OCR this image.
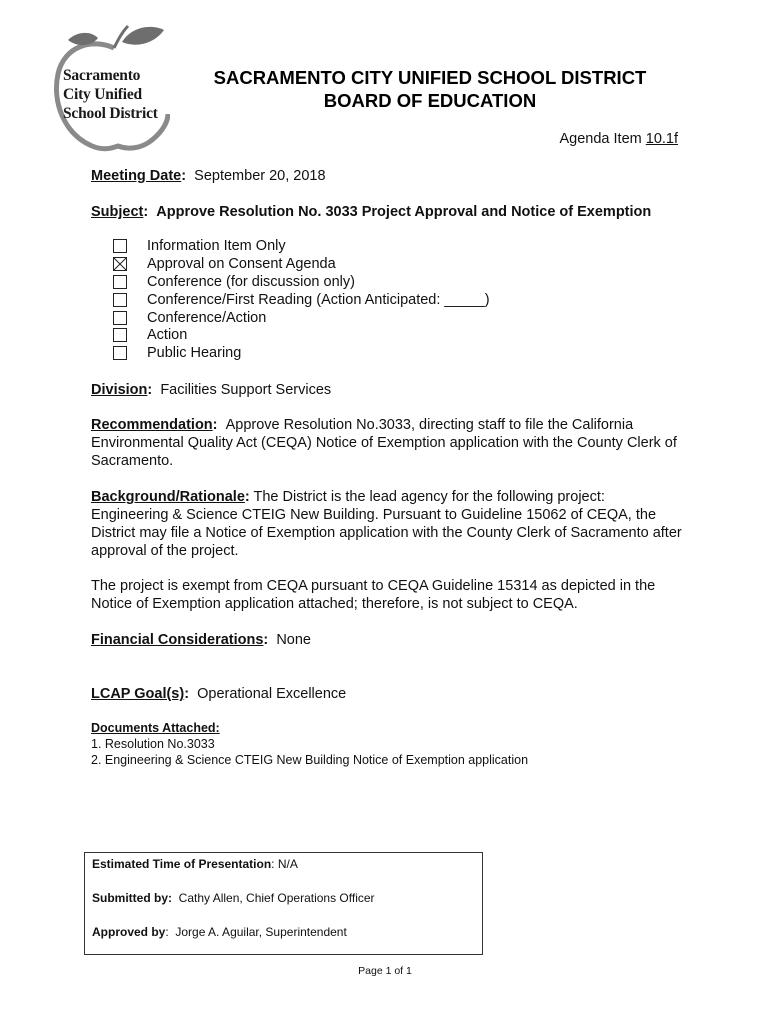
Sacramento
City Unified
School District
SACRAMENTO CITY UNIFIED SCHOOL DISTRICT
BOARD OF EDUCATION
Agenda Item 10.1f
Meeting Date: September 20, 2018
Subject: Approve Resolution No. 3033 Project Approval and Notice of Exemption
Information Item Only
Approval on Consent Agenda
Conference (for discussion only)
Conference/First Reading (Action Anticipated: _____)
Conference/Action
Action
Public Hearing
Division: Facilities Support Services
Recommendation: Approve Resolution No.3033, directing staff to file the California Environmental Quality Act (CEQA) Notice of Exemption application with the County Clerk of Sacramento.
Background/Rationale: The District is the lead agency for the following project: Engineering & Science CTEIG New Building. Pursuant to Guideline 15062 of CEQA, the District may file a Notice of Exemption application with the County Clerk of Sacramento after approval of the project.
The project is exempt from CEQA pursuant to CEQA Guideline 15314 as depicted in the Notice of Exemption application attached; therefore, is not subject to CEQA.
Financial Considerations: None
LCAP Goal(s): Operational Excellence
Documents Attached:
1. Resolution No.3033
2. Engineering & Science CTEIG New Building Notice of Exemption application
Estimated Time of Presentation: N/A
Submitted by: Cathy Allen, Chief Operations Officer
Approved by:  Jorge A. Aguilar, Superintendent
Page 1 of 1
